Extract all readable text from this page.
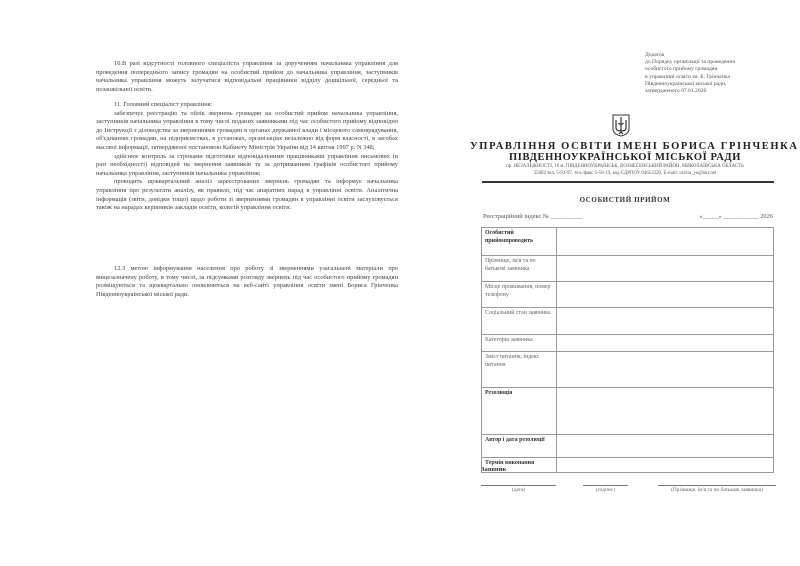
10.В разі відсутності головного спеціаліста управління за дорученням начальника управління для проведення попереднього запису громадян на особистий прийом до начальника управління, заступників начальника управління можуть залучатися відповідальні працівники відділу дошкільної, середньої та позашкільної освіти.

11. Головний спеціаліст управління:

забезпечує реєстрацію та облік звернень громадян на особистий прийом начальника управління, заступників начальника управління в тому числі поданих заявниками під час особистого прийому відповідно до Інструкції з діловодства за зверненнями громадян в органах державної влади і місцевого самоврядування, об'єднаннях громадян, на підприємствах, в установах, організаціях незалежно від форм власності, в засобах масової інформації, затвердженої постановою Кабінету Міністрів України від 14 квітня 1997 р. N 348;

здійснює контроль за строками підготовки відповідальними працівниками управління письмових (в разі необхідності) відповідей на звернення заявників та за дотриманням графіків особистого прийому начальника управління, заступників начальника управління;

проводить щоквартальний аналіз зареєстрованих звернень громадян та інформує начальника управління про результати аналізу, як правило, під час апаратних нарад в управлінні освіти. Аналітична інформація (звіти, довідки тощо) щодо роботи зі зверненнями громадян в управлінні освіти заслуховується також на нарадах керівників закладів освіти, колегій управління освіти.

12.З метою інформування населення про роботу зі зверненнями узагальнені матеріали про вищезазначену роботу, в тому числі, за підсумками розгляду звернень під час особистого прийому громадян розміщуються та щоквартально оновлюються на веб-сайті управління освіти імені Бориса Грінченка Південноукраїнської міської ради.

Додаток
до Порядку організації та проведення
особистого прийому громадян
в управлінні освіти ім. Б. Грінченка
Південноукраїнської міської ради,
затвердженого 07.01.2026
УПРАВЛІННЯ ОСВІТИ ІМЕНІ БОРИСА ГРІНЧЕНКА
ПІВДЕННОУКРАЇНСЬКОЇ МІСЬКОЇ РАДИ
пр. НЕЗАЛЕЖНОСТІ, 16 м. ПІВДЕННОУКРАЇНСЬК, ВОЗНЕСЕНСЬКИЙ РАЙОН, МИКОЛАЇВСЬКА ОБЛАСТЬ
55002 тел. 5-92-97, тел./факс 5-50-19, код ЄДРПОУ 04653220, E-mail: osvita_yu@ukr.net
ОСОБИСТИЙ ПРИЙОМ
Реєстраційний індекс № __________	«_____» ___________ 2026
Особистий прийомпроводить	
Прізвище, ім'я та по батькові заявника	
Місце проживання, номер телефону	
Соціальний стан заявника	
Категорія заявника	
Зміст питання, індекс питання	
Резолюція	
Автор і дата резолюції	
Термін виконання	
Заявник
(дата)	(підпис)	(Прізвище, ім'я та по батькові заявника)
